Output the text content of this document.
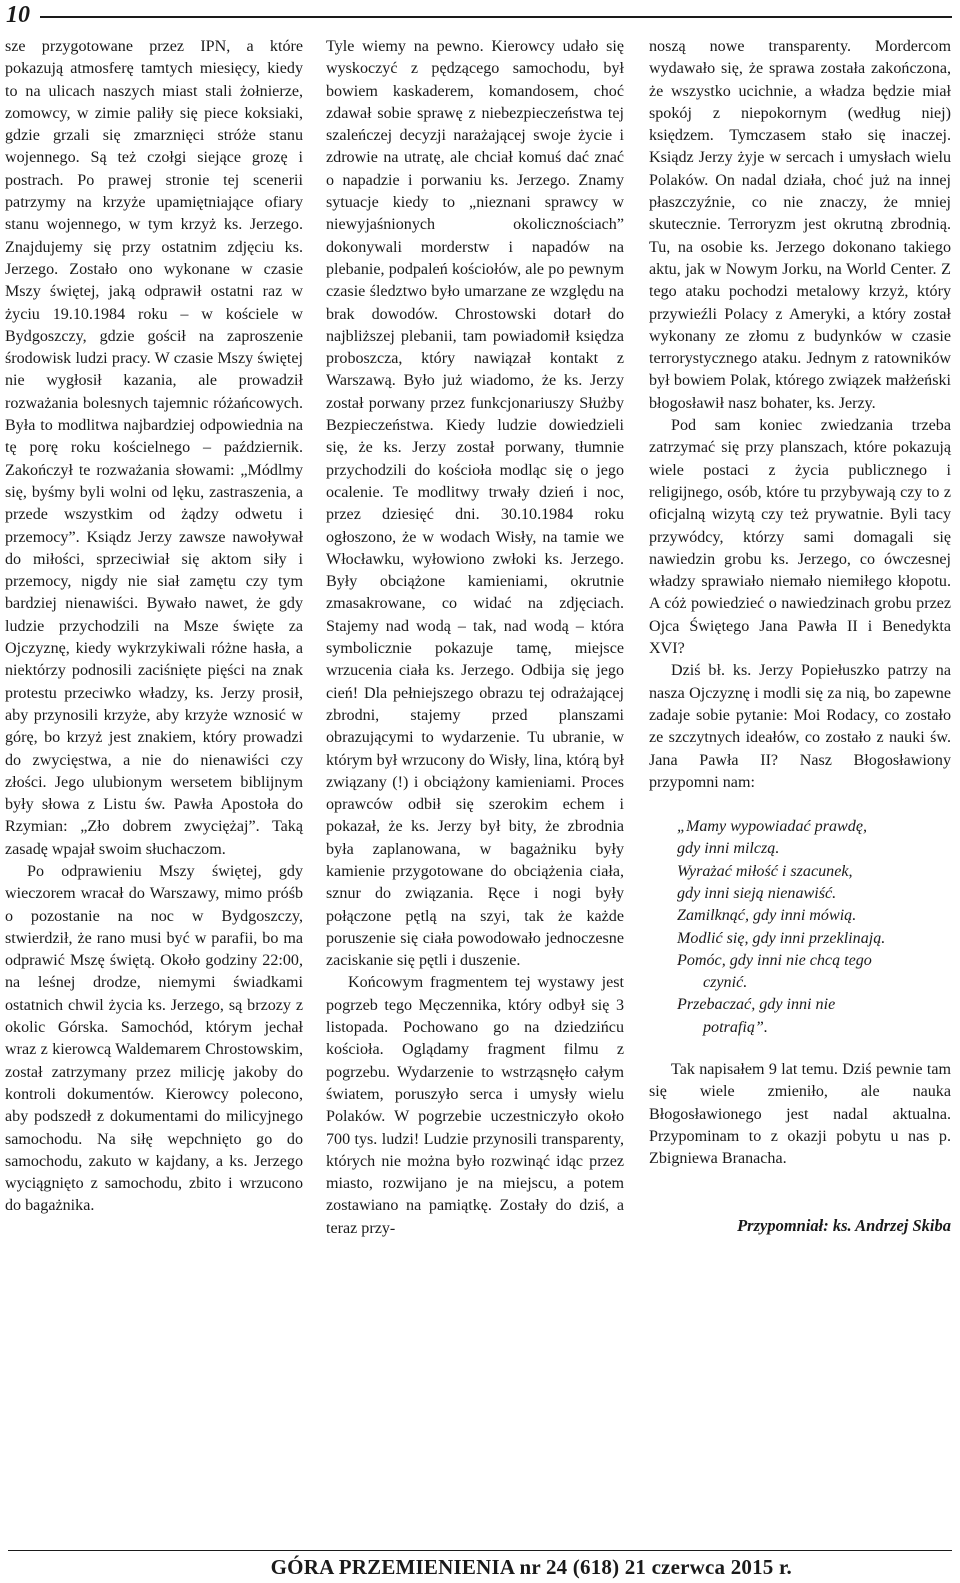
10

sze przygotowane przez IPN, a które pokazują atmosferę tamtych miesięcy, kiedy to na ulicach naszych miast stali żołnierze, zomowcy, w zimie paliły się piece koksiaki, gdzie grzali się zmarznięci stróże stanu wojennego. Są też czołgi siejące grozę i postrach. Po prawej stronie tej scenerii patrzymy na krzyże upamiętniające ofiary stanu wojennego, w tym krzyż ks. Jerzego. Znajdujemy się przy ostatnim zdjęciu ks. Jerzego. Zostało ono wykonane w czasie Mszy świętej, jaką odprawił ostatni raz w życiu 19.10.1984 roku – w kościele w Bydgoszczy, gdzie gościł na zaproszenie środowisk ludzi pracy. W czasie Mszy świętej nie wygłosił kazania, ale prowadził rozważania bolesnych tajemnic różańcowych. Była to modlitwa najbardziej odpowiednia na tę porę roku kościelnego – październik. Zakończył te rozważania słowami: „Módlmy się, byśmy byli wolni od lęku, zastraszenia, a przede wszystkim od żądzy odwetu i przemocy”. Ksiądz Jerzy zawsze nawoływał do miłości, sprzeciwiał się aktom siły i przemocy, nigdy nie siał zamętu czy tym bardziej nienawiści. Bywało nawet, że gdy ludzie przychodzili na Msze święte za Ojczyznę, kiedy wykrzykiwali różne hasła, a niektórzy podnosili zaciśnięte pięści na znak protestu przeciwko władzy, ks. Jerzy prosił, aby przynosili krzyże, aby krzyże wznosić w górę, bo krzyż jest znakiem, który prowadzi do zwycięstwa, a nie do nienawiści czy złości. Jego ulubionym wersetem biblijnym były słowa z Listu św. Pawła Apostoła do Rzymian: „Zło dobrem zwyciężaj”. Taką zasadę wpajał swoim słuchaczom.

Po odprawieniu Mszy świętej, gdy wieczorem wracał do Warszawy, mimo próśb o pozostanie na noc w Bydgoszczy, stwierdził, że rano musi być w parafii, bo ma odprawić Mszę świętą. Około godziny 22:00, na leśnej drodze, niemymi świadkami ostatnich chwil życia ks. Jerzego, są brzozy z okolic Górska. Samochód, którym jechał wraz z kierowcą Waldemarem Chrostowskim, został zatrzymany przez milicję jakoby do kontroli dokumentów. Kierowcy polecono, aby podszedł z dokumentami do milicyjnego samochodu. Na siłę wepchnięto go do samochodu, zakuto w kajdany, a ks. Jerzego wyciągnięto z samochodu, zbito i wrzucono do bagażnika.

Tyle wiemy na pewno. Kierowcy udało się wyskoczyć z pędzącego samochodu, był bowiem kaskaderem, komandosem, choć zdawał sobie sprawę z niebezpieczeństwa tej szaleńczej decyzji narażającej swoje życie i zdrowie na utratę, ale chciał komuś dać znać o napadzie i porwaniu ks. Jerzego. Znamy sytuacje kiedy to „nieznani sprawcy w niewyjaśnionych okolicznościach” dokonywali morderstw i napadów na plebanie, podpaleń kościołów, ale po pewnym czasie śledztwo było umarzane ze względu na brak dowodów. Chrostowski dotarł do najbliższej plebanii, tam powiadomił księdza proboszcza, który nawiązał kontakt z Warszawą. Było już wiadomo, że ks. Jerzy został porwany przez funkcjonariuszy Służby Bezpieczeństwa. Kiedy ludzie dowiedzieli się, że ks. Jerzy został porwany, tłumnie przychodzili do kościoła modląc się o jego ocalenie. Te modlitwy trwały dzień i noc, przez dziesięć dni. 30.10.1984 roku ogłoszono, że w wodach Wisły, na tamie we Włocławku, wyłowiono zwłoki ks. Jerzego. Były obciążone kamieniami, okrutnie zmasakrowane, co widać na zdjęciach. Stajemy nad wodą – tak, nad wodą – która symbolicznie pokazuje tamę, miejsce wrzucenia ciała ks. Jerzego. Odbija się jego cień! Dla pełniejszego obrazu tej odrażającej zbrodni, stajemy przed planszami obrazującymi to wydarzenie. Tu ubranie, w którym był wrzucony do Wisły, lina, którą był związany (!) i obciążony kamieniami. Proces oprawców odbił się szerokim echem i pokazał, że ks. Jerzy był bity, że zbrodnia była zaplanowana, w bagażniku były kamienie przygotowane do obciążenia ciała, sznur do związania. Ręce i nogi były połączone pętlą na szyi, tak że każde poruszenie się ciała powodowało jednoczesne zaciskanie się pętli i duszenie.

Końcowym fragmentem tej wystawy jest pogrzeb tego Męczennika, który odbył się 3 listopada. Pochowano go na dziedzińcu kościoła. Oglądamy fragment filmu z pogrzebu. Wydarzenie to wstrząsnęło całym światem, poruszyło serca i umysły wielu Polaków. W pogrzebie uczestniczyło około 700 tys. ludzi! Ludzie przynosili transparenty, których nie można było rozwinąć idąc przez miasto, rozwijano je na miejscu, a potem zostawiano na pamiątkę. Zostały do dziś, a teraz przy-

noszą nowe transparenty. Mordercom wydawało się, że sprawa została zakończona, że wszystko ucichnie, a władza będzie miał spokój z niepokornym (według niej) księdzem. Tymczasem stało się inaczej. Ksiądz Jerzy żyje w sercach i umysłach wielu Polaków. On nadal działa, choć już na innej płaszczyźnie, co nie znaczy, że mniej skutecznie. Terroryzm jest okrutną zbrodnią. Tu, na osobie ks. Jerzego dokonano takiego aktu, jak w Nowym Jorku, na World Center. Z tego ataku pochodzi metalowy krzyż, który przywieźli Polacy z Ameryki, a który został wykonany ze złomu z budynków w czasie terrorystycznego ataku. Jednym z ratowników był bowiem Polak, którego związek małżeński błogosławił nasz bohater, ks. Jerzy.

Pod sam koniec zwiedzania trzeba zatrzymać się przy planszach, które pokazują wiele postaci z życia publicznego i religijnego, osób, które tu przybywają czy to z oficjalną wizytą czy też prywatnie. Byli tacy przywódcy, którzy sami domagali się nawiedzin grobu ks. Jerzego, co ówczesnej władzy sprawiało niemało niemiłego kłopotu. A cóż powiedzieć o nawiedzinach grobu przez Ojca Świętego Jana Pawła II i Benedykta XVI?

Dziś bł. ks. Jerzy Popiełuszko patrzy na nasza Ojczyznę i modli się za nią, bo zapewne zadaje sobie pytanie: Moi Rodacy, co zostało ze szczytnych ideałów, co zostało z nauki św. Jana Pawła II? Nasz Błogosławiony przypomni nam:

„Mamy wypowiadać prawdę,
gdy inni milczą.
Wyrażać miłość i szacunek,
gdy inni sieją nienawiść.
Zamilknąć, gdy inni mówią.
Modlić się, gdy inni przeklinają.
Pomóc, gdy inni nie chcą tego
czynić.
Przebaczać, gdy inni nie
potrafią”.

Tak napisałem 9 lat temu. Dziś pewnie tam się wiele zmieniło, ale nauka Błogosławionego jest nadal aktualna. Przypominam to z okazji pobytu u nas p. Zbigniewa Branacha.

Przypomniał: ks. Andrzej Skiba
GÓRA PRZEMIENIENIA nr 24 (618) 21 czerwca 2015 r.
